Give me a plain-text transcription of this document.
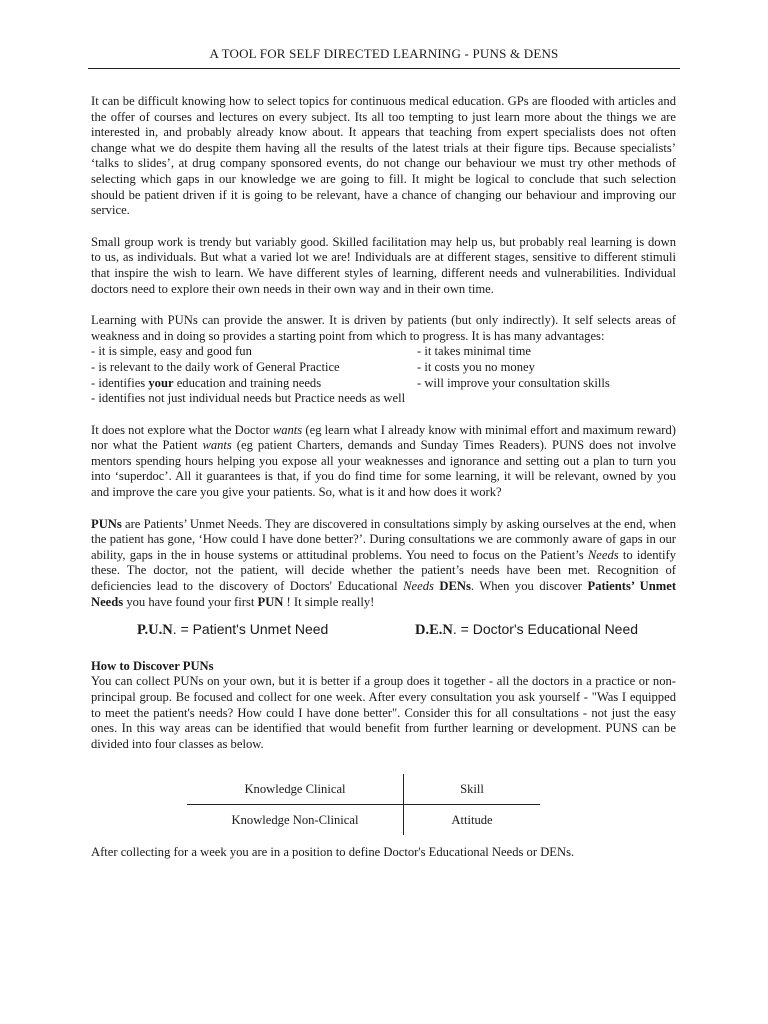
A TOOL FOR SELF DIRECTED LEARNING - PUNS & DENS

It can be difficult knowing how to select topics for continuous medical education. GPs are flooded with articles and the offer of courses and lectures on every subject. Its all too tempting to just learn more about the things we are interested in, and probably already know about. It appears that teaching from expert specialists does not often change what we do despite them having all the results of the latest trials at their figure tips. Because specialists’ ‘talks to slides’, at drug company sponsored events, do not change our behaviour we must try other methods of selecting which gaps in our knowledge we are going to fill. It might be logical to conclude that such selection should be patient driven if it is going to be relevant, have a chance of changing our behaviour and improving our service.

Small group work is trendy but variably good. Skilled facilitation may help us, but probably real learning is down to us, as individuals. But what a varied lot we are! Individuals are at different stages, sensitive to different stimuli that inspire the wish to learn. We have different styles of learning, different needs and vulnerabilities. Individual doctors need to explore their own needs in their own way and in their own time.

Learning with PUNs can provide the answer. It is driven by patients (but only indirectly). It self selects areas of weakness and in doing so provides a starting point from which to progress. It is has many advantages:

- it is simple, easy and good fun	- it takes minimal time
- is relevant to the daily work of General Practice	- it costs you no money
- identifies your education and training needs	- will improve your consultation skills
- identifies not just individual needs but Practice needs as well

It does not explore what the Doctor wants (eg learn what I already know with minimal effort and maximum reward) nor what the Patient wants (eg patient Charters, demands and Sunday Times Readers). PUNS does not involve mentors spending hours helping you expose all your weaknesses and ignorance and setting out a plan to turn you into ‘superdoc’. All it guarantees is that, if you do find time for some learning, it will be relevant, owned by you and improve the care you give your patients. So, what is it and how does it work?

PUNs are Patients’ Unmet Needs. They are discovered in consultations simply by asking ourselves at the end, when the patient has gone, ‘How could I have done better?’. During consultations we are commonly aware of gaps in our ability, gaps in the in house systems or attitudinal problems. You need to focus on the Patient’s Needs to identify these. The doctor, not the patient, will decide whether the patient’s needs have been met. Recognition of deficiencies lead to the discovery of Doctors' Educational Needs DENs. When you discover Patients’ Unmet Needs you have found your first PUN ! It simple really!

P.U.N. = Patient's Unmet Need	D.E.N. = Doctor's Educational Need
How to Discover PUNs

You can collect PUNs on your own, but it is better if a group does it together - all the doctors in a practice or non-principal group. Be focused and collect for one week. After every consultation you ask yourself - "Was I equipped to meet the patient's needs? How could I have done better". Consider this for all consultations - not just the easy ones. In this way areas can be identified that would benefit from further learning or development. PUNS can be divided into four classes as below.

Knowledge Clinical	Skill
Knowledge Non-Clinical	Attitude

After collecting for a week you are in a position to define Doctor's Educational Needs or DENs.
